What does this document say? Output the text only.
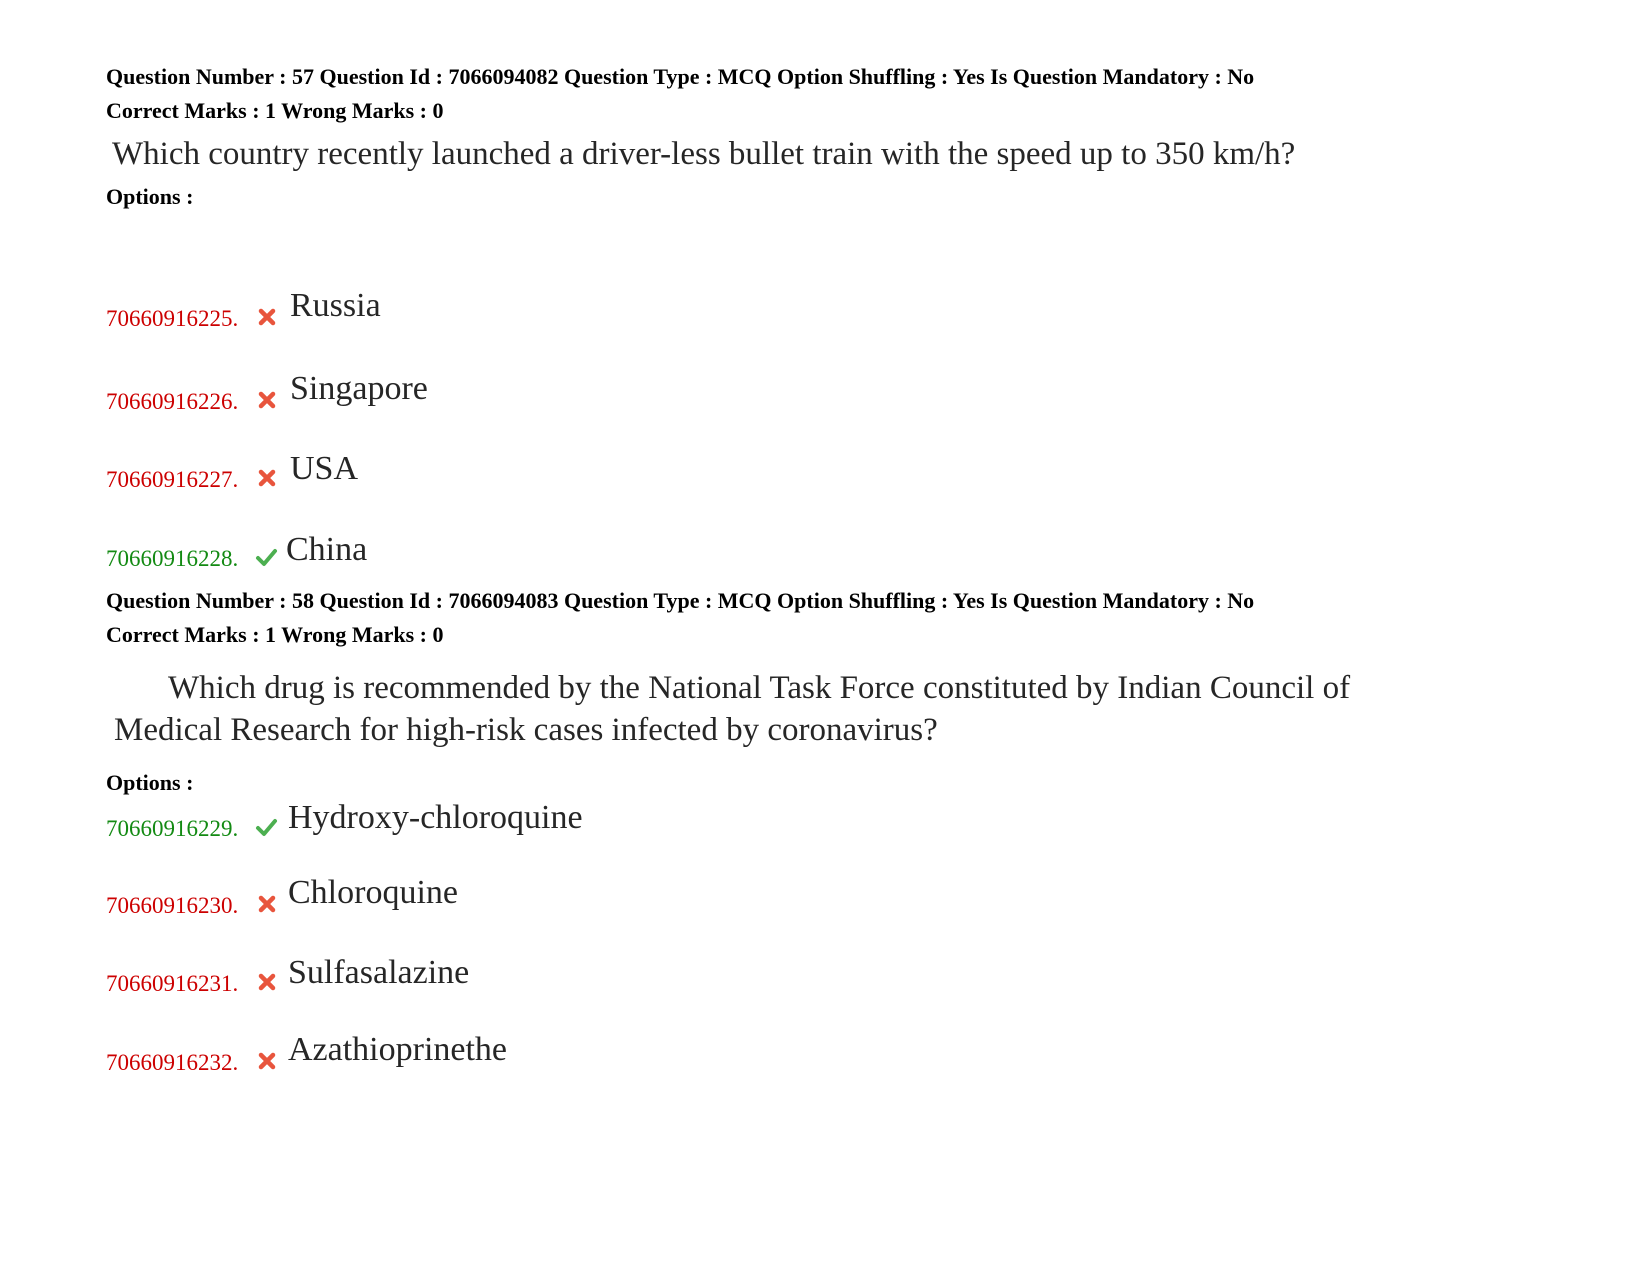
Question Number : 57 Question Id : 7066094082 Question Type : MCQ Option Shuffling : Yes Is Question Mandatory : No

Correct Marks : 1 Wrong Marks : 0

Which country recently launched a driver-less bullet train with the speed up to 350 km/h?

Options :

70660916225. Russia
70660916226. Singapore
70660916227. USA
70660916228. China

Question Number : 58 Question Id : 7066094083 Question Type : MCQ Option Shuffling : Yes Is Question Mandatory : No

Correct Marks : 1 Wrong Marks : 0

Which drug is recommended by the National Task Force constituted by Indian Council of

Medical Research for high-risk cases infected by coronavirus?

Options :

70660916229. Hydroxy-chloroquine
70660916230. Chloroquine
70660916231. Sulfasalazine
70660916232. Azathioprinethe
